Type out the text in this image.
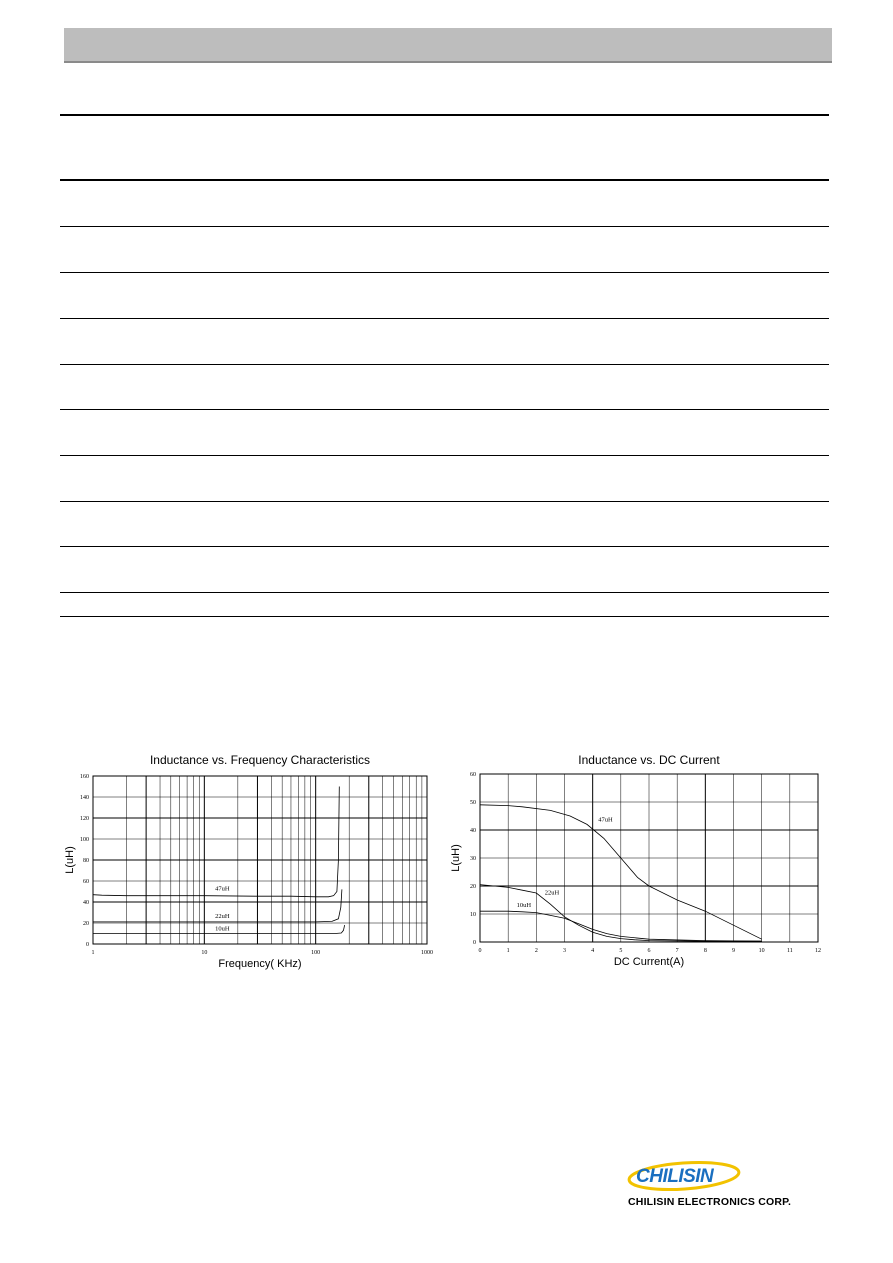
Inductance vs. Frequency Characteristics
0
20
40
60
80
100
120
140
160
1	10	100	1000
47uH
22uH
10uH
Frequency( KHz)
L(uH)
Inductance vs. DC Current
0	1	2	3	4	5	6	7	8	9	10	11	12
0
10
20
30
40
50
60
47uH
22uH
10uH
DC Current(A)
L(uH)
CHILISIN
CHILISIN ELECTRONICS CORP.
